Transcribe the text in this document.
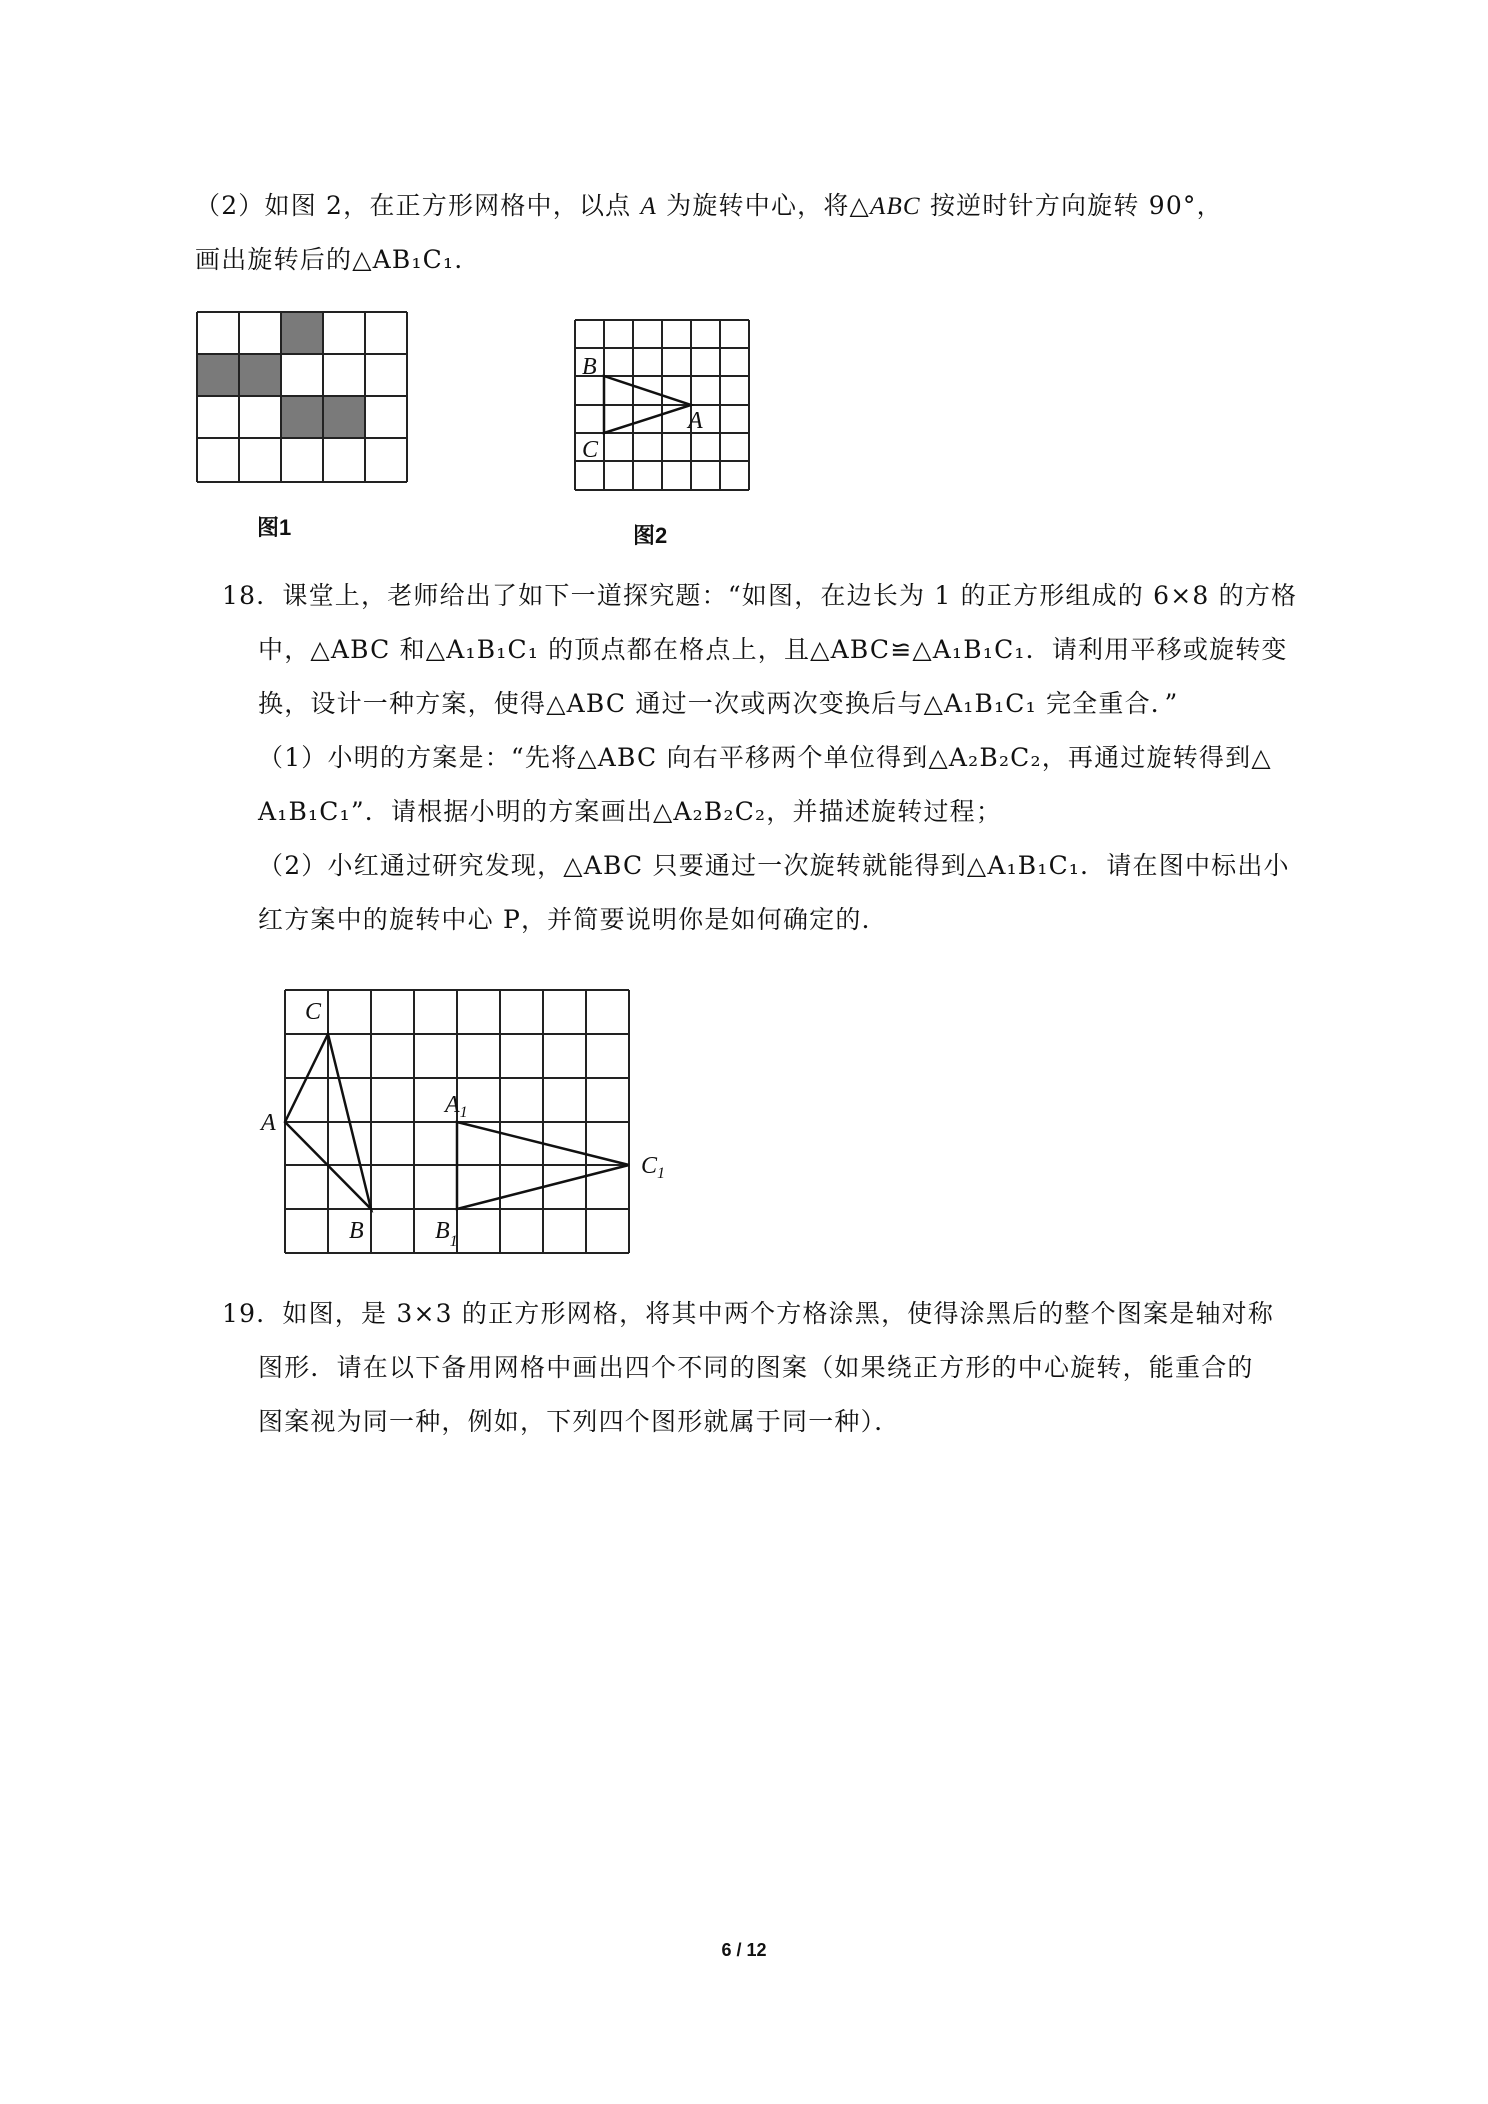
（2）如图 2，在正方形网格中，以点 A 为旋转中心，将△ABC 按逆时针方向旋转 90°，
画出旋转后的△AB₁C₁.
图1
B
A
C
图2
18．课堂上，老师给出了如下一道探究题：“如图，在边长为 1 的正方形组成的 6×8 的方格
中，△ABC 和△A₁B₁C₁ 的顶点都在格点上，且△ABC≌△A₁B₁C₁．请利用平移或旋转变
换，设计一种方案，使得△ABC 通过一次或两次变换后与△A₁B₁C₁ 完全重合．”
（1）小明的方案是：“先将△ABC 向右平移两个单位得到△A₂B₂C₂，再通过旋转得到△
A₁B₁C₁”．请根据小明的方案画出△A₂B₂C₂，并描述旋转过程；
（2）小红通过研究发现，△ABC 只要通过一次旋转就能得到△A₁B₁C₁．请在图中标出小
红方案中的旋转中心 P，并简要说明你是如何确定的．
C
A
B
$A_1$
$C_1$
$B_1$
19．如图，是 3×3 的正方形网格，将其中两个方格涂黑，使得涂黑后的整个图案是轴对称
图形．请在以下备用网格中画出四个不同的图案（如果绕正方形的中心旋转，能重合的
图案视为同一种，例如，下列四个图形就属于同一种）．
6 / 12
